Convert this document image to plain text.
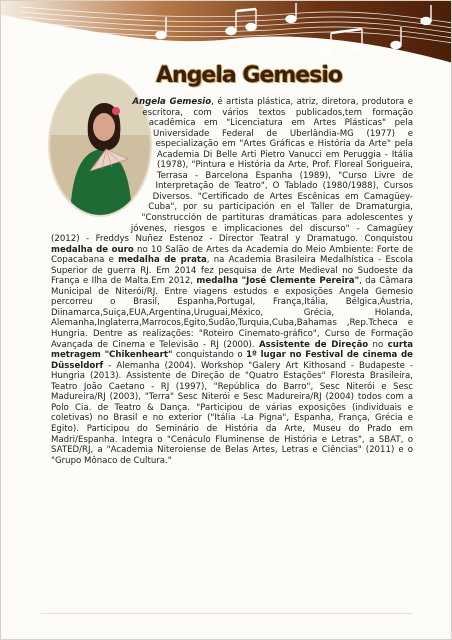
Angela Gemesio

Angela Gemesio, é artista plástica, atriz, diretora, produtora e escritora, com vários textos publicados,tem formação acadêmica em "Licenciatura em Artes Plásticas" pela Universidade Federal de Uberlândia-MG (1977) e especialização em "Artes Gráficas e História da Arte" pela Academia Di Belle Arti Pietro Vanucci em Peruggia - Itália (1978), "Pintura e História da Arte, Prof. Floreal Sorigueira, Terrasa - Barcelona Espanha (1989), "Curso Livre de Interpretação de Teatro", O Tablado (1980/1988), Cursos Diversos. "Certificado de Artes Escênicas em Camagüey-Cuba", por su participación en el Taller de Dramaturgia, "Construcción de partituras dramáticas para adolescentes y jóvenes, riesgos e implicaciones del discurso" - Camagüey (2012) - Freddys Nuñez Estenoz - Director Teatral y Dramatugo. Conquistou medalha de ouro no 10 Salão de Artes da Academia do Meio Ambiente: Forte de Copacabana e medalha de prata, na Academia Brasileira Medalhística - Escola Superior de guerra RJ. Em 2014 fez pesquisa de Arte Medieval no Sudoeste da França e Ilha de Malta.Em 2012, medalha "José Clemente Pereira", da Câmara Municipal de Niterói/RJ. Entre viagens estudos e exposições Angela Gemesio percorreu o Brasil, Espanha,Portugal, França,Itália, Bélgica,Áustria, Diinamarca,Suiça,EUA,Argentina,Uruguai,México, Grécia, Holanda, Alemanha,Inglaterra,Marrocos,Egito,Sudão,Turquia,Cuba,Bahamas ,Rep.Tcheca e Hungria. Dentre as realizações: "Roteiro Cinemato-gráfico", Curso de Formação Avançada de Cinema e Televisão - RJ (2000). Assistente de Direção no curta metragem "Chikenheart" conquistando o 1º lugar no Festival de cinema de Düsseldorf - Alemanha (2004). Workshop "Galery Art Kithosand - Budapeste - Hungria (2013). Assistente de Direção de "Quatro Estações" Floresta Brasileira, Teatro João Caetano - RJ (1997), "República do Barro", Sesc Niterói e Sesc Madureira/RJ (2003), "Terra" Sesc Niterói e Sesc Madureira/RJ (2004) todos com a Polo Cia. de Teatro & Dança. "Participou de várias exposições (individuais e coletivas) no Brasil e no exterior ("Itália -La Pigna", Espanha, França, Grécia e Egito). Participou do Seminário de História da Arte, Museu do Prado em Madri/Espanha. Integra o "Cenáculo Fluminense de História e Letras", a SBAT, o SATED/RJ, a "Academia Niteroiense de Belas Artes, Letras e Ciências" (2011) e o "Grupo Mônaco de Cultura."
